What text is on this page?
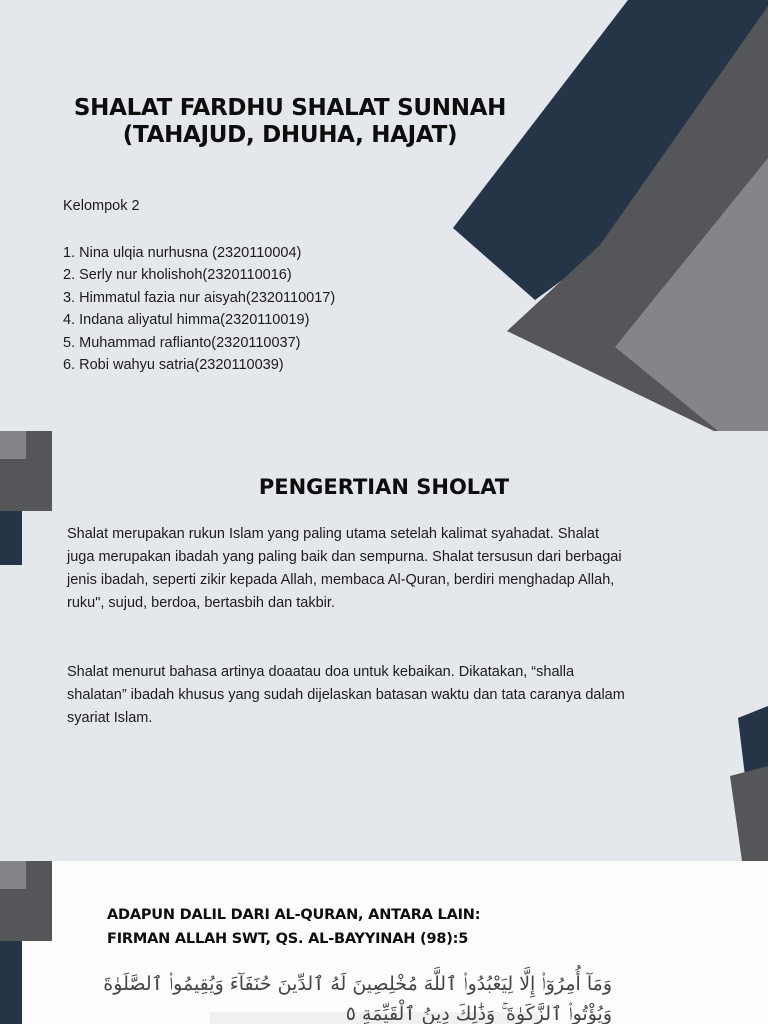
SHALAT FARDHU SHALAT SUNNAH
(TAHAJUD, DHUHA, HAJAT)
Kelompok 2
1. Nina ulqia nurhusna (2320110004)
2. Serly nur kholishoh(2320110016)
3. Himmatul fazia nur aisyah(2320110017)
4. Indana aliyatul himma(2320110019)
5. Muhammad raflianto(2320110037)
6. Robi wahyu satria(2320110039)
PENGERTIAN SHOLAT

Shalat merupakan rukun Islam yang paling utama setelah kalimat syahadat. Shalat juga merupakan ibadah yang paling baik dan sempurna. Shalat tersusun dari berbagai jenis ibadah, seperti zikir kepada Allah, membaca Al-Quran, berdiri menghadap Allah, ruku", sujud, berdoa, bertasbih dan takbir.

Shalat menurut bahasa artinya doaatau doa untuk kebaikan. Dikatakan, “shalla shalatan” ibadah khusus yang sudah dijelaskan batasan waktu dan tata caranya dalam syariat Islam.

ADAPUN DALIL DARI AL-QURAN, ANTARA LAIN:
FIRMAN ALLAH SWT, QS. AL-BAYYINAH (98):5

وَمَآ أُمِرُوٓا۟ إِلَّا لِيَعْبُدُوا۟ ٱللَّهَ مُخْلِصِينَ لَهُ ٱلدِّينَ حُنَفَآءَ وَيُقِيمُوا۟ ٱلصَّلَوٰةَ وَيُؤْتُوا۟ ٱلزَّكَوٰةَ ۚ وَذَٰلِكَ دِينُ ٱلْقَيِّمَةِ ٥
